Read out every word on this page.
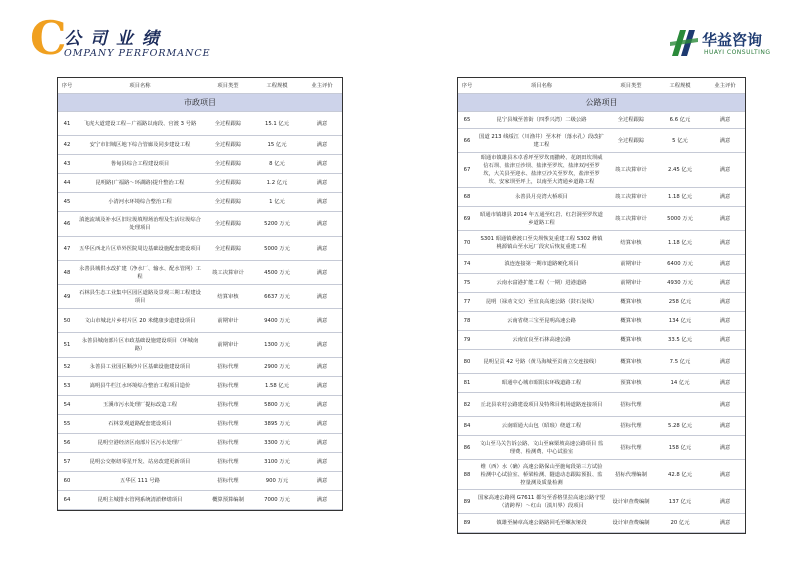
C
公司业绩
OMPANY PERFORMANCE
华益咨询
HUAYI CONSULTING
序号	项目名称	项目类型	工程规模	业主评价
市政项目				
41	飞虎大道建设工程－广福路以南段、官渡 3 号路	全过程跟踪	15.1 亿元	满意
42	安宁市旧城区地下综合管廊及同步建设工程	全过程跟踪	15 亿元	满意
43	鲁甸县综合工程建设项目	全过程跟踪	8 亿元	满意
44	昆明路(广福路～环湖路)提升整治工程	全过程跟踪	1.2 亿元	满意
45	小清河水环境综合整治工程	全过程跟踪	1 亿元	满意
46	滇池流域及补水区旧垃圾填埋场治理及生活垃圾综合处理项目	全过程跟踪	5200 万元	满意
47	五华区西北片区草外医院周边基础设施配套建设项目	全过程跟踪	5000 万元	满意
48	永善县城供水改扩建（净水厂、输水、配水管网）工程	竣工决算审计	4500 万元	满意
49	石林县生态工业集中区园区道路及景观三期工程建设项目	结算审核	6637 万元	满意
50	文山市城北片乡村片区 20 米健康步道建设项目	前期审计	9400 万元	满意
51	永善县城南部片区市政基础设施建设项目（环城南路）	前期审计	1300 万元	满意
52	永善县工业园区顺沙片区基础设施建设项目	招标代理	2900 万元	满意
53	嵩明县牛栏江水环境综合整治工程项目造价	招标代理	1.58 亿元	满意
54	玉溪市污水处理厂提标改造工程	招标代理	5800 万元	满意
55	石林景观道路配套建设项目	招标代理	3895 万元	满意
56	昆明空港经济区南部片区污水处理厂	招标代理	3300 万元	满意
57	昆明公交枢纽零星开发、站房改建更新项目	招标代理	3100 万元	满意
60	五华区 111 号路	招标代理	900 万元	满意
64	昆明主城排水管网系统清淤修缮项目	概算预算编制	7000 万元	满意
序号	项目名称	项目类型	工程规模	业主评价
公路项目				
65	昆宁县城至善街（四季兴湾）二级公路	全过程跟踪	6.6 亿元	满意
66	国道 213 线绥江（川渔井）至木杆（落水孔）段改扩建工程	全过程跟踪	5 亿元	满意
67	昭通市镇雄县木卓香坪至罗坎雨撒岭、花朗田坎坝威信石坝、盐津豆沙坝、盐津至罗坎、盐津双河至罗坎，大关县至迎水、盐津豆沙关至罗坎，盐津至罗坎、安家坝至坪上，以南至大湾通乡道路工程	竣工决算审计	2.45 亿元	满意
68	永善县月亮湾大桥项目	竣工决算审计	1.18 亿元	满意
69	昭通市镇雄县 2014 年五通至红岩、红岩洞至罗坎道乡道路工程	竣工决算审计	5000 万元	满意
70	S301 昭通镇彝渡口至尖坝恢复重建工程 S302 彝镇桃源镇山至水远厂段灾后恢复重建工程	结算审核	1.18 亿元	满意
74	滇连连接第一期市道路硬化项目	前期审计	6400 万元	满意
75	云南水富港扩能工程（一期）进港道路	前期审计	4930 万元	满意
77	昆明（禄劝文交）至宜良高速公路（鼓石复线）	概算审核	258 亿元	满意
78	云南省绕三宝至昆明高速公路	概算审核	134 亿元	满意
79	云南宜良至石林高速公路	概算审核	33.5 亿元	满意
80	昆明呈贡 42 号路（黄马海城至贡南立交连接线）	概算审核	7.5 亿元	满意
81	昭通中心城市昭阳东环线道路工程	预算审核	14 亿元	满意
82	丘北县农村公路建设项目及特殊目机场道路连接项目	招标代理		满意
84	云南昭通大山包（昭琅）绕道工程	招标代理	5.28 亿元	满意
86	文山至马关告诉公路、文山至麻栗坡高速公路项目 监理费、检测费、中心试验室	招标代理	158 亿元	满意
88	维（西）水（确）高速公路保山至施甸段第三方试验检测中心试验室、桥梁检测、隧道动态跟踪预报、监控量测及质量检测	招标代理编制	42.8 亿元	满意
89	国家高速公路网 G7611 都匀至香格里拉高速公路守望（清跨界）～红山（滇川界）段项目	设计审查费编制	137 亿元	满意
89	镇雄至赫章高速公路路回毛至螺灰垭段	设计审查费编制	20 亿元	满意
